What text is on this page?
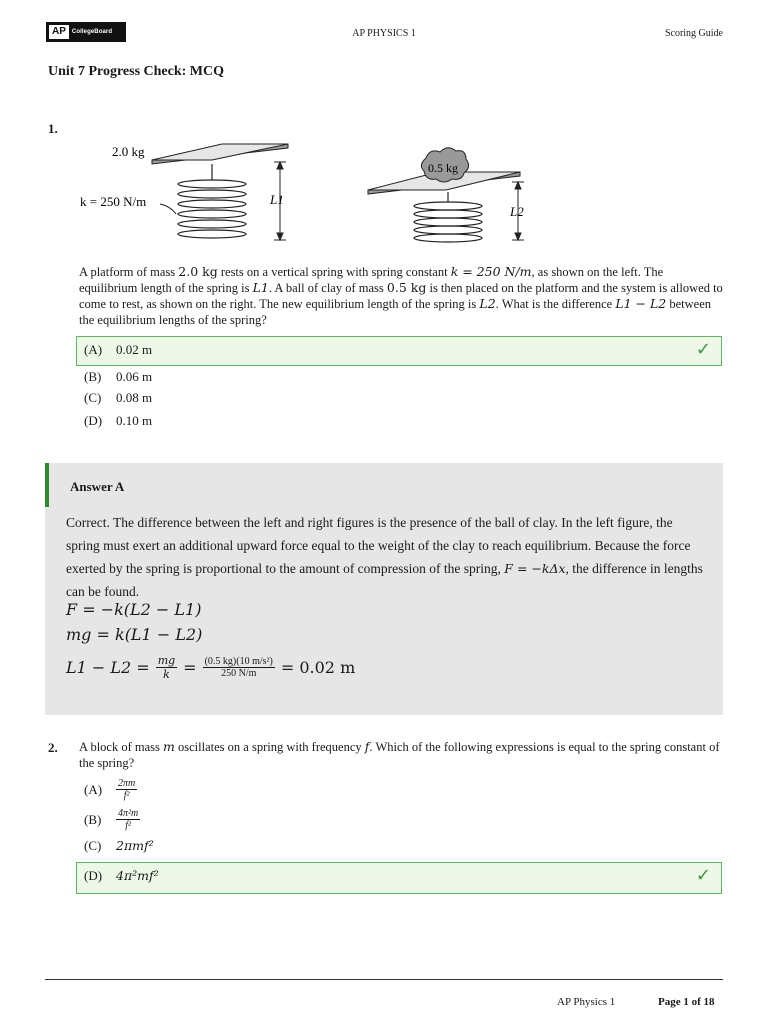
AP	CollegeBoard	AP PHYSICS 1	Scoring Guide
Unit 7 Progress Check: MCQ
1.
2.0 kg
k = 250 N/m	L1
0.5 kg
L2
A platform of mass 2.0 kg rests on a vertical spring with spring constant k = 250 N/m, as shown on the left. The equilibrium length of the spring is L1. A ball of clay of mass 0.5 kg is then placed on the platform and the system is allowed to come to rest, as shown on the right. The new equilibrium length of the spring is L2. What is the difference L1 − L2 between the equilibrium lengths of the spring?
✓
(A) 0.02 m
(B) 0.06 m
(C) 0.08 m
(D) 0.10 m
Answer A
Correct. The difference between the left and right figures is the presence of the ball of clay. In the left figure, the spring must exert an additional upward force equal to the weight of the clay to reach equilibrium. Because the force exerted by the spring is proportional to the amount of compression of the spring, F = −kΔx, the difference in lengths can be found.
F = −k(L2 − L1)
mg = k(L1 − L2)
$L1 - L2 = \frac{mg}{k} = \frac{\text{(0.5 kg)(10 m/s²)}}{250 N/m} = 0.02$ m
2. A block of mass m oscillates on a spring with frequency f. Which of the following expressions is equal to the spring constant of the spring?
(A)	$\frac{2\pi m}{\text{f²}}$
(B)	$\frac{\text{4π²m}}{\text{f²}}$
(C) 2πmf²
✓
(D) 4π²mf²
AP Physics 1	Page 1 of 18
